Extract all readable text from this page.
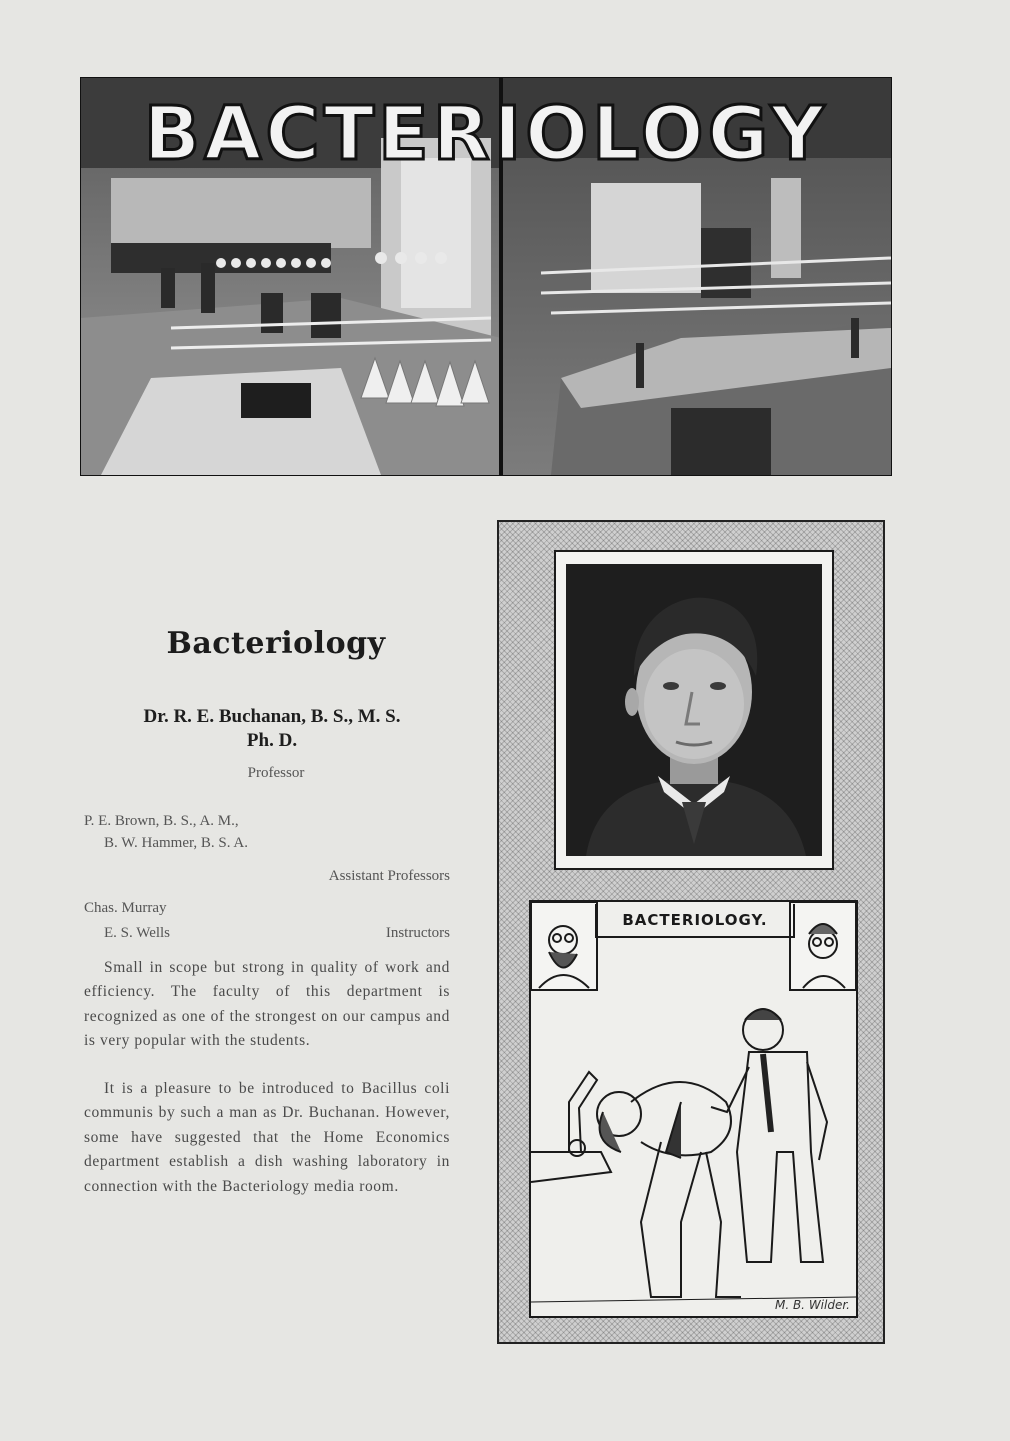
BACTERIOLOGY
Bacteriology
Dr. R. E. Buchanan, B. S., M. S.
Ph. D.
Professor
P. E. Brown, B. S., A. M.,
B. W. Hammer, B. S. A.
Assistant Professors
Chas. Murray
E. S. Wells	Instructors

Small in scope but strong in quality of work and efficiency. The faculty of this department is recognized as one of the strongest on our campus and is very popular with the students.

It is a pleasure to be introduced to Bacillus coli communis by such a man as Dr. Buchanan. However, some have suggested that the Home Economics department establish a dish washing laboratory in connection with the Bacteriology media room.

BACTERIOLOGY.
M. B. Wilder.
